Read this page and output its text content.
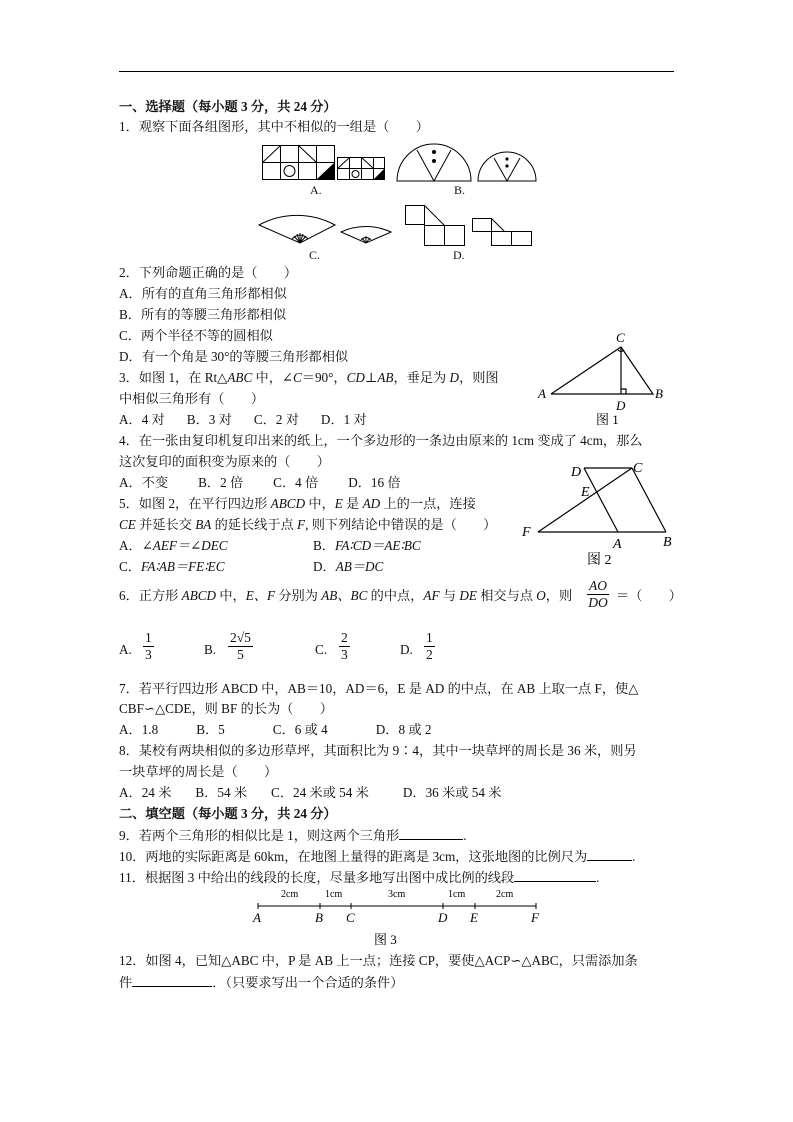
一、选择题（每小题 3 分，共 24 分）
1．观察下面各组图形，其中不相似的一组是（　　）
A.	B.
C.	D.
2．下列命题正确的是（　　）
A．所有的直角三角形都相似
B．所有的等腰三角形都相似
C．两个半径不等的圆相似
D．有一个角是 30°的等腰三角形都相似
3．如图 1，在 Rt△ABC 中，∠C＝90°，CD⊥AB，垂足为 D，则图
中相似三角形有（　　）
A．4 对 B．3 对 C．2 对 D．1 对
C
A	B
D
图 1
4．在一张由复印机复印出来的纸上，一个多边形的一条边由原来的 1cm 变成了 4cm，那么
这次复印的面积变为原来的（　　）
A．不变 B．2 倍 C．4 倍 D．16 倍
5．如图 2，在平行四边形 ABCD 中，E 是 AD 上的一点，连接
CE 并延长交 BA 的延长线于点 F, 则下列结论中错误的是（　　）
A．∠AEF＝∠DEC	B．FA∶CD＝AE∶BC
C．FA∶AB＝FE∶EC	D．AB＝DC
D	C
E
F
A	B
图 2
6．正方形 ABCD 中，E、F 分别为 AB、BC 的中点，AF 与 DE 相交与点 O，则 $\frac{AO}{DO}$ ＝（　　）
A. $\frac{1}{3}$	B. $\frac{2√5}{5}$	C. $\frac{2}{3}$	D. $\frac{1}{2}$
7．若平行四边形 ABCD 中，AB＝10，AD＝6，E 是 AD 的中点，在 AB 上取一点 F，使△
CBF∽△CDE，则 BF 的长为（　　）
A．1.8	B．5	C．6 或 4	D．8 或 2
8．某校有两块相似的多边形草坪，其面积比为 9∶4，其中一块草坪的周长是 36 米，则另
一块草坪的周长是（　　）
A．24 米 B．54 米 C．24 米或 54 米	D．36 米或 54 米
二、填空题（每小题 3 分，共 24 分）
9．若两个三角形的相似比是 1，则这两个三角形	.
10．两地的实际距离是 60km，在地图上量得的距离是 3cm，这张地图的比例尺为	.
11．根据图 3 中给出的线段的长度，尽量多地写出图中成比例的线段	.
2cm	1cm	3cm	1cm	2cm
A	B C	D E	F
图 3
12．如图 4，已知△ABC 中，P 是 AB 上一点；连接 CP，要使△ACP∽△ABC，只需添加条
件	．（只要求写出一个合适的条件）
